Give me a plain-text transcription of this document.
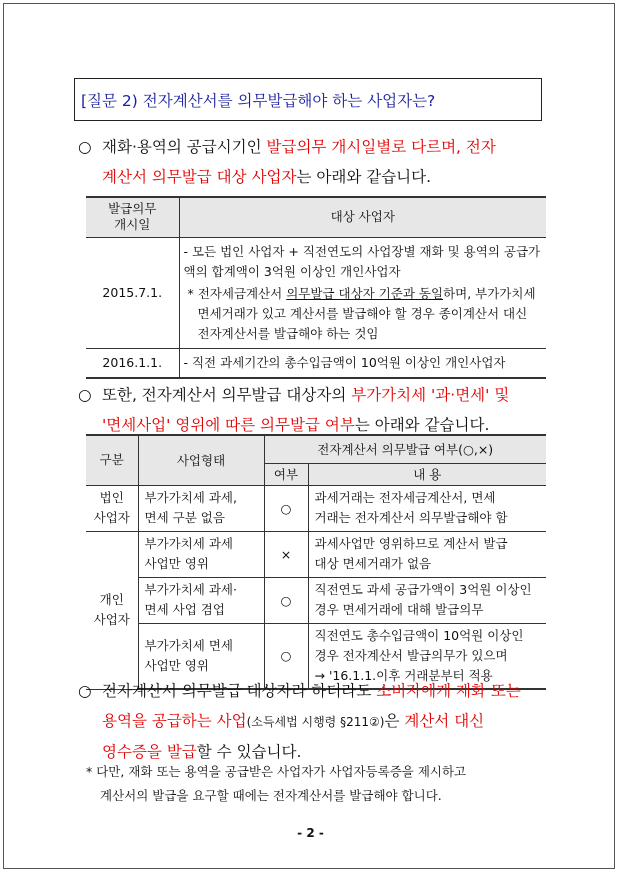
[질문 2) 전자계산서를 의무발급해야 하는 사업자는?
○ 재화·용역의 공급시기인 발급의무 개시일별로 다르며, 전자
계산서 의무발급 대상 사업자는 아래와 같습니다.
발급의무
개시일	대상 사업자
2015.7.1.	- 모든 법인 사업자 + 직전연도의 사업장별 재화 및 용역의 공급가액의 합계액이 3억원 이상인 개인사업자
* 전자세금계산서 의무발급 대상자 기준과 동일하며, 부가가치세 면세거래가 있고 계산서를 발급해야 할 경우 종이계산서 대신 전자계산서를 발급해야 하는 것임

2016.1.1.	- 직전 과세기간의 총수입금액이 10억원 이상인 개인사업자
○ 또한, 전자계산서 의무발급 대상자의 부가가치세 '과·면세' 및
'면세사업' 영위에 따른 의무발급 여부는 아래와 같습니다.
구분	사업형태	전자계산서 의무발급 여부(○,×)	
		여부	내 용
법인
사업자	부가가치세 과세,
면세 구분 없음	○	과세거래는 전자세금계산서, 면세
거래는 전자계산서 의무발급해야 함
개인
사업자	부가가치세 과세
사업만 영위	×	과세사업만 영위하므로 계산서 발급
대상 면세거래가 없음
	부가가치세 과세·
면세 사업 겸업	○	직전연도 과세 공급가액이 3억원 이상인
경우 면세거래에 대해 발급의무
	부가가치세 면세
사업만 영위	○	직전연도 총수입금액이 10억원 이상인
경우 전자계산서 발급의무가 있으며
→ '16.1.1.이후 거래분부터 적용
○ 전자계산서 의무발급 대상자라 하더라도 소비자에게 재화 또는
용역을 공급하는 사업(소득세법 시행령 §211②)은 계산서 대신
영수증을 발급할 수 있습니다.
* 다만, 재화 또는 용역을 공급받은 사업자가 사업자등록증을 제시하고
계산서의 발급을 요구할 때에는 전자계산서를 발급해야 합니다.
- 2 -
